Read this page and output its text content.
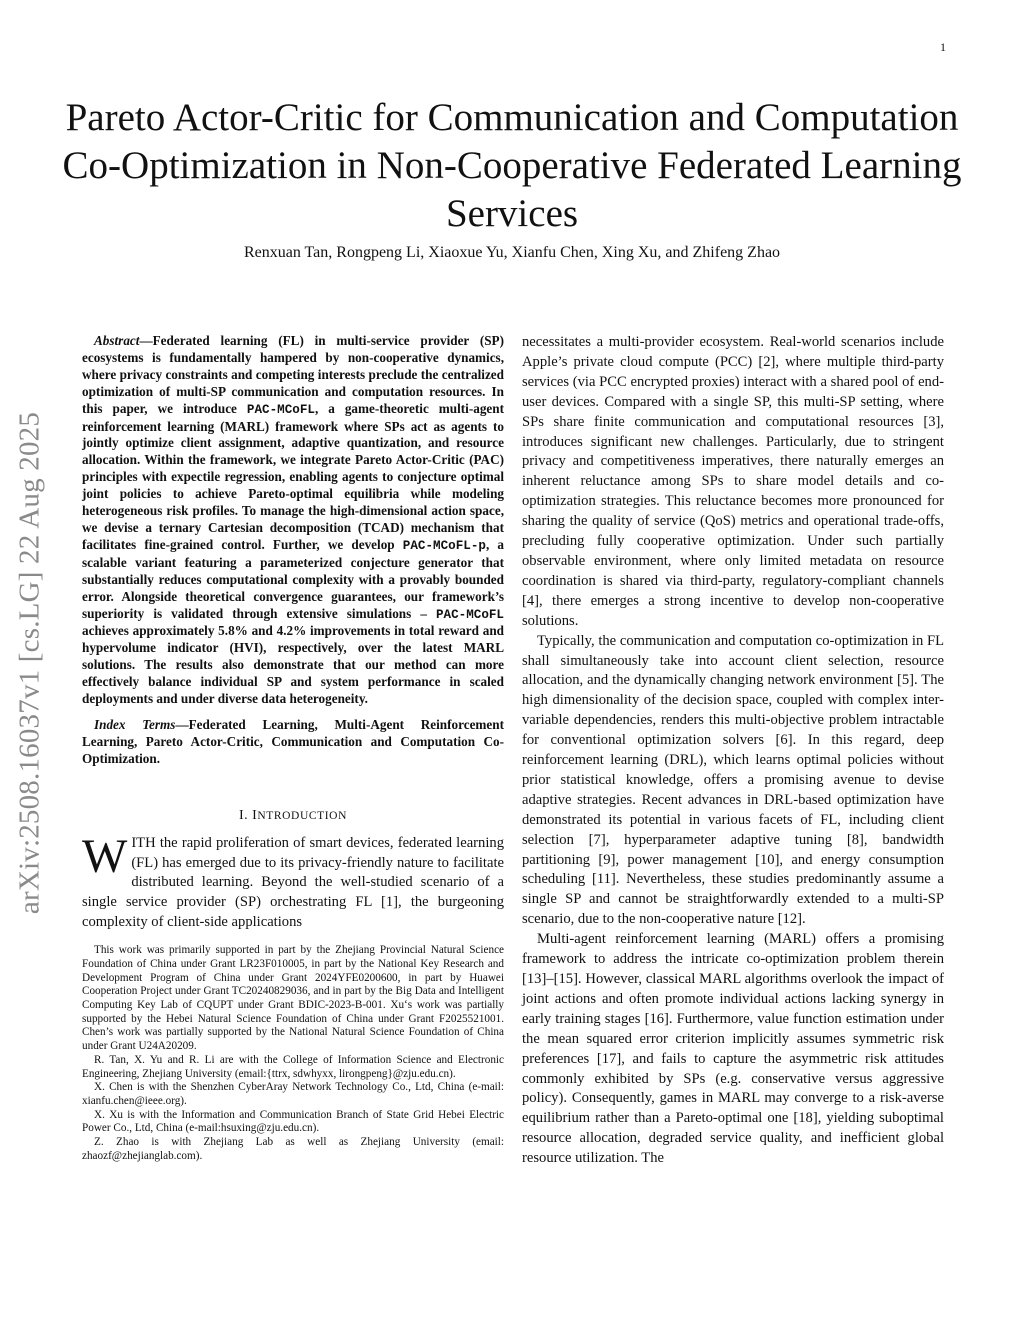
1
arXiv:2508.16037v1 [cs.LG] 22 Aug 2025
Pareto Actor-Critic for Communication and Computation Co-Optimization in Non-Cooperative Federated Learning Services
Renxuan Tan, Rongpeng Li, Xiaoxue Yu, Xianfu Chen, Xing Xu, and Zhifeng Zhao

Abstract—Federated learning (FL) in multi-service provider (SP) ecosystems is fundamentally hampered by non-cooperative dynamics, where privacy constraints and competing interests preclude the centralized optimization of multi-SP communication and computation resources. In this paper, we introduce PAC-MCoFL, a game-theoretic multi-agent reinforcement learning (MARL) framework where SPs act as agents to jointly optimize client assignment, adaptive quantization, and resource allocation. Within the framework, we integrate Pareto Actor-Critic (PAC) principles with expectile regression, enabling agents to conjecture optimal joint policies to achieve Pareto-optimal equilibria while modeling heterogeneous risk profiles. To manage the high-dimensional action space, we devise a ternary Cartesian decomposition (TCAD) mechanism that facilitates fine-grained control. Further, we develop PAC-MCoFL-p, a scalable variant featuring a parameterized conjecture generator that substantially reduces computational complexity with a provably bounded error. Alongside theoretical convergence guarantees, our framework’s superiority is validated through extensive simulations – PAC-MCoFL achieves approximately 5.8% and 4.2% improvements in total reward and hypervolume indicator (HVI), respectively, over the latest MARL solutions. The results also demonstrate that our method can more effectively balance individual SP and system performance in scaled deployments and under diverse data heterogeneity.

Index Terms—Federated Learning, Multi-Agent Reinforcement Learning, Pareto Actor-Critic, Communication and Computation Co-Optimization.

I. INTRODUCTION

WITH the rapid proliferation of smart devices, federated learning (FL) has emerged due to its privacy-friendly nature to facilitate distributed learning. Beyond the well-studied scenario of a single service provider (SP) orchestrating FL [1], the burgeoning complexity of client-side applications

This work was primarily supported in part by the Zhejiang Provincial Natural Science Foundation of China under Grant LR23F010005, in part by the National Key Research and Development Program of China under Grant 2024YFE0200600, in part by Huawei Cooperation Project under Grant TC20240829036, and in part by the Big Data and Intelligent Computing Key Lab of CQUPT under Grant BDIC-2023-B-001. Xu‘s work was partially supported by the Hebei Natural Science Foundation of China under Grant F2025521001. Chen’s work was partially supported by the National Natural Science Foundation of China under Grant U24A20209.

R. Tan, X. Yu and R. Li are with the College of Information Science and Electronic Engineering, Zhejiang University (email:{ttrx, sdwhyxx, lirongpeng}@zju.edu.cn).

X. Chen is with the Shenzhen CyberAray Network Technology Co., Ltd, China (e-mail: xianfu.chen@ieee.org).

X. Xu is with the Information and Communication Branch of State Grid Hebei Electric Power Co., Ltd, China (e-mail:hsuxing@zju.edu.cn).

Z. Zhao is with Zhejiang Lab as well as Zhejiang University (email: zhaozf@zhejianglab.com).

necessitates a multi-provider ecosystem. Real-world scenarios include Apple’s private cloud compute (PCC) [2], where multiple third-party services (via PCC encrypted proxies) interact with a shared pool of end-user devices. Compared with a single SP, this multi-SP setting, where SPs share finite communication and computational resources [3], introduces significant new challenges. Particularly, due to stringent privacy and competitiveness imperatives, there naturally emerges an inherent reluctance among SPs to share model details and co-optimization strategies. This reluctance becomes more pronounced for sharing the quality of service (QoS) metrics and operational trade-offs, precluding fully cooperative optimization. Under such partially observable environment, where only limited metadata on resource coordination is shared via third-party, regulatory-compliant channels [4], there emerges a strong incentive to develop non-cooperative solutions.

Typically, the communication and computation co-optimization in FL shall simultaneously take into account client selection, resource allocation, and the dynamically changing network environment [5]. The high dimensionality of the decision space, coupled with complex inter-variable dependencies, renders this multi-objective problem intractable for conventional optimization solvers [6]. In this regard, deep reinforcement learning (DRL), which learns optimal policies without prior statistical knowledge, offers a promising avenue to devise adaptive strategies. Recent advances in DRL-based optimization have demonstrated its potential in various facets of FL, including client selection [7], hyperparameter adaptive tuning [8], bandwidth partitioning [9], power management [10], and energy consumption scheduling [11]. Nevertheless, these studies predominantly assume a single SP and cannot be straightforwardly extended to a multi-SP scenario, due to the non-cooperative nature [12].

Multi-agent reinforcement learning (MARL) offers a promising framework to address the intricate co-optimization problem therein [13]–[15]. However, classical MARL algorithms overlook the impact of joint actions and often promote individual actions lacking synergy in early training stages [16]. Furthermore, value function estimation under the mean squared error criterion implicitly assumes symmetric risk preferences [17], and fails to capture the asymmetric risk attitudes commonly exhibited by SPs (e.g. conservative versus aggressive policy). Consequently, games in MARL may converge to a risk-averse equilibrium rather than a Pareto-optimal one [18], yielding suboptimal resource allocation, degraded service quality, and inefficient global resource utilization. The
